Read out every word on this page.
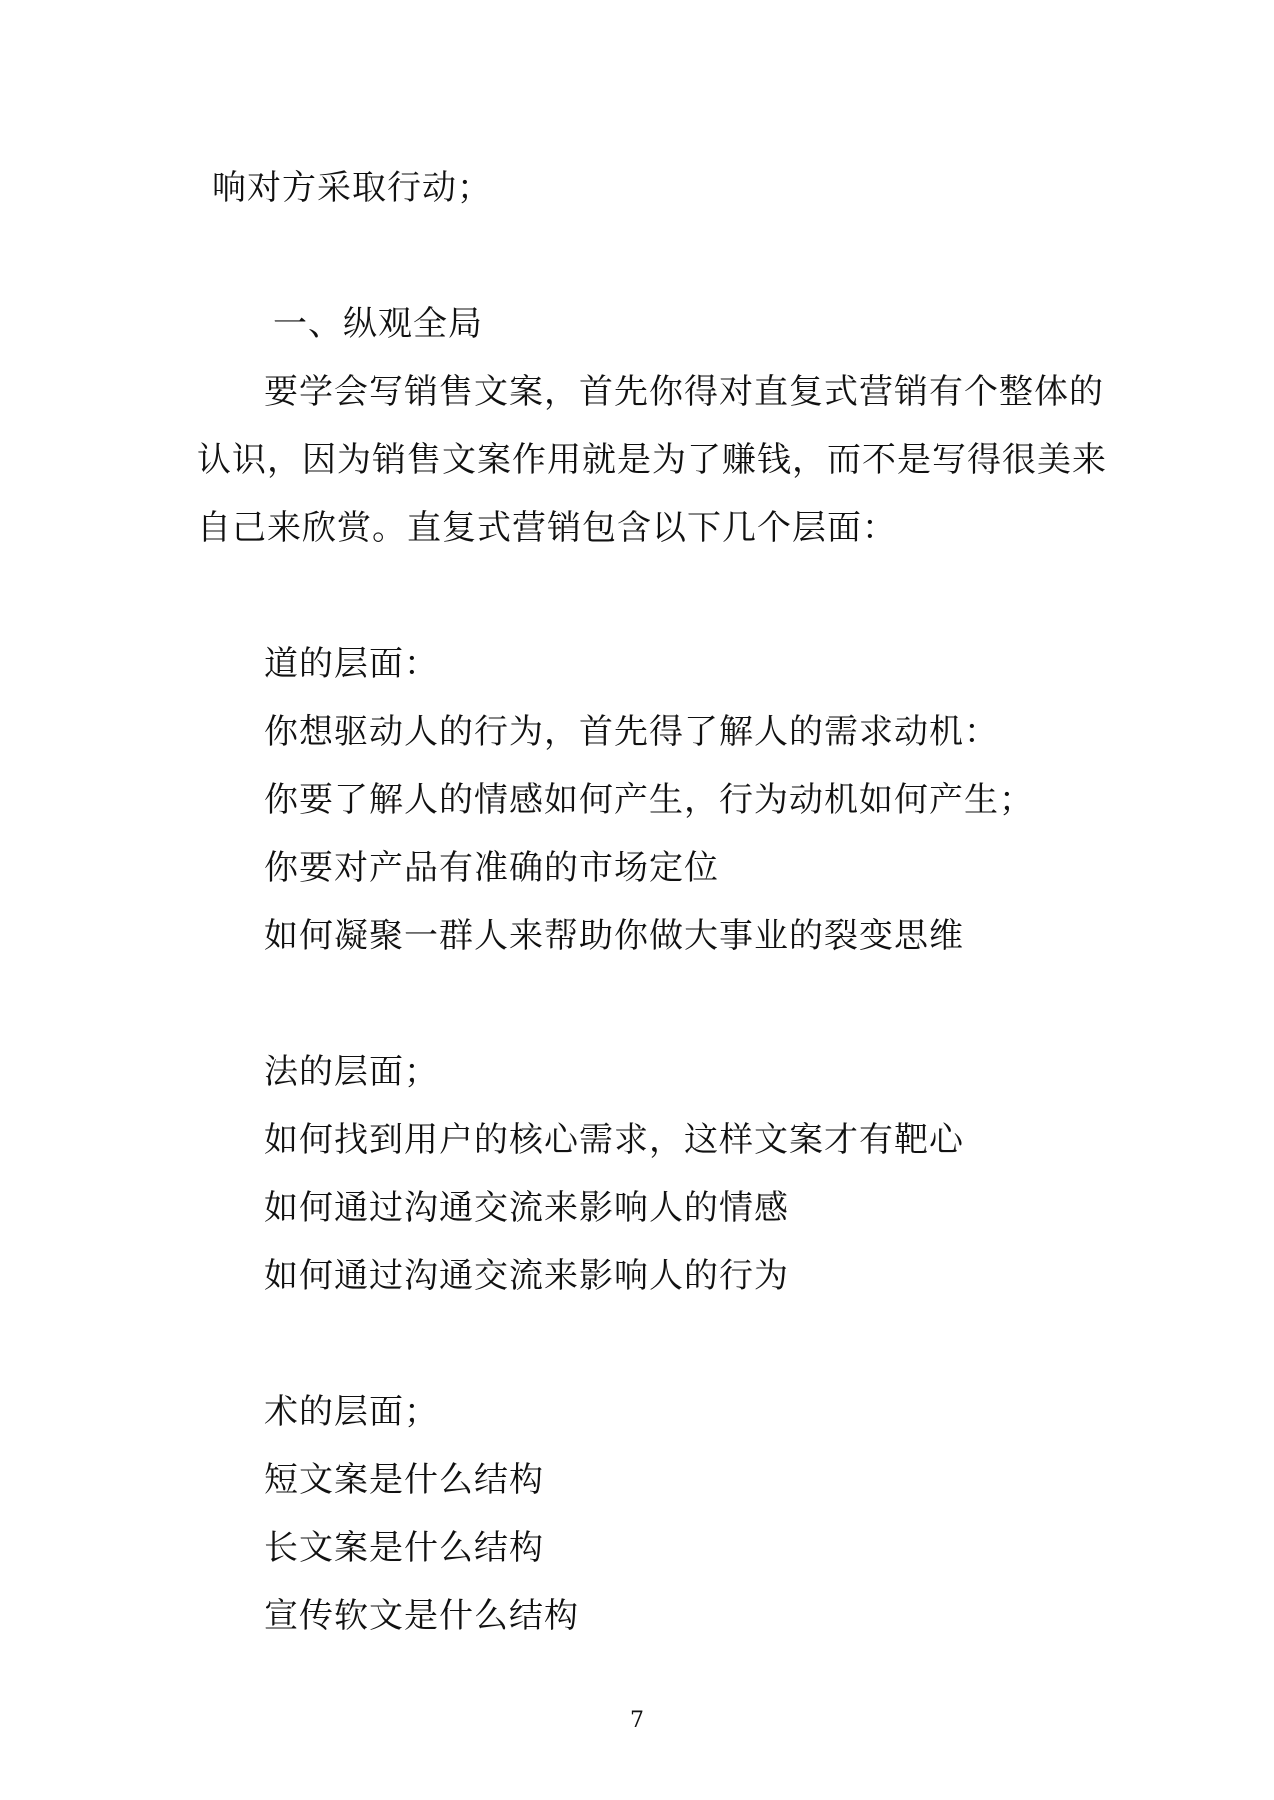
响对方采取行动；
一、纵观全局
要学会写销售文案，首先你得对直复式营销有个整体的
认识，因为销售文案作用就是为了赚钱，而不是写得很美来
自己来欣赏。直复式营销包含以下几个层面：
道的层面：
你想驱动人的行为，首先得了解人的需求动机：
你要了解人的情感如何产生，行为动机如何产生；
你要对产品有准确的市场定位
如何凝聚一群人来帮助你做大事业的裂变思维
法的层面；
如何找到用户的核心需求，这样文案才有靶心
如何通过沟通交流来影响人的情感
如何通过沟通交流来影响人的行为
术的层面；
短文案是什么结构
长文案是什么结构
宣传软文是什么结构
7
